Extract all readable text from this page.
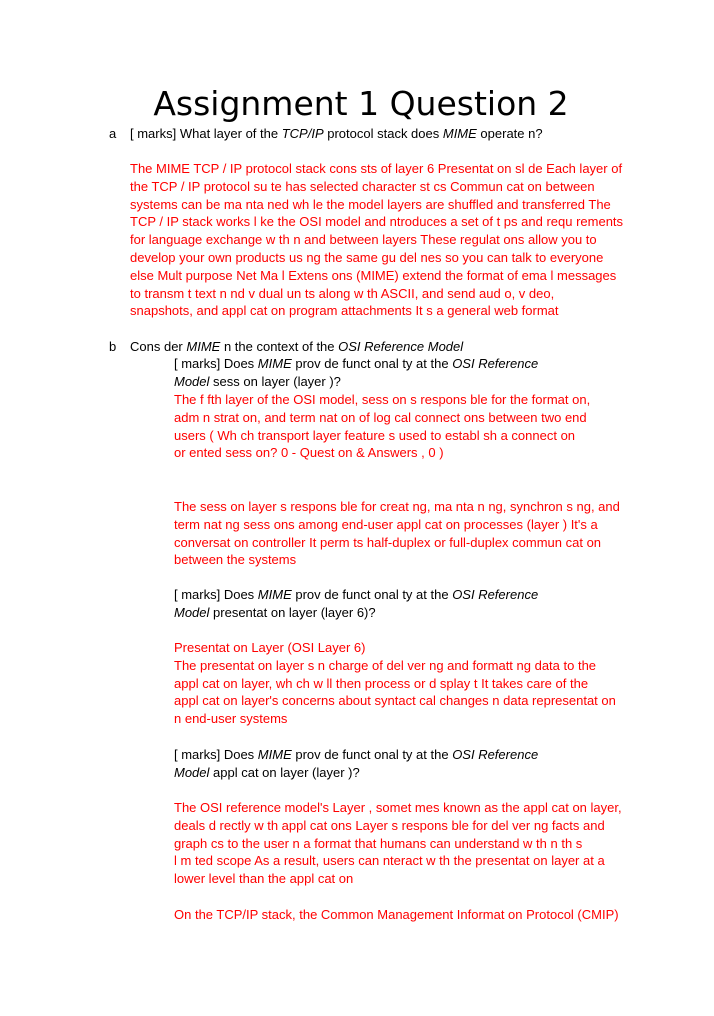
Assignment 1 Question 2
a [ marks] What layer of the TCP/IP protocol stack does MIME operate n?
The MIME TCP / IP protocol stack cons sts of layer 6 Presentat on sl de Each layer of
the TCP / IP protocol su te has selected character st cs Commun cat on between
systems can be ma nta ned wh le the model layers are shuffled and transferred The
TCP / IP stack works l ke the OSI model and ntroduces a set of t ps and requ rements
for language exchange w th n and between layers These regulat ons allow you to
develop your own products us ng the same gu del nes so you can talk to everyone
else Mult purpose Net Ma l Extens ons (MIME) extend the format of ema l messages
to transm t text n nd v dual un ts along w th ASCII, and send aud o, v deo,
snapshots, and appl cat on program attachments It s a general web format
b Cons der MIME n the context of the OSI Reference Model
[ marks] Does MIME prov de funct onal ty at the OSI Reference
Model sess on layer (layer )?
The f fth layer of the OSI model, sess on s respons ble for the format on,
adm n strat on, and term nat on of log cal connect ons between two end
users ( Wh ch transport layer feature s used to establ sh a connect on
or ented sess on? 0 - Quest on & Answers , 0 )
The sess on layer s respons ble for creat ng, ma nta n ng, synchron s ng, and
term nat ng sess ons among end-user appl cat on processes (layer ) It's a
conversat on controller It perm ts half-duplex or full-duplex commun cat on
between the systems
[ marks] Does MIME prov de funct onal ty at the OSI Reference
Model presentat on layer (layer 6)?
Presentat on Layer (OSI Layer 6)
The presentat on layer s n charge of del ver ng and formatt ng data to the
appl cat on layer, wh ch w ll then process or d splay t It takes care of the
appl cat on layer's concerns about syntact cal changes n data representat on
n end-user systems
[ marks] Does MIME prov de funct onal ty at the OSI Reference
Model appl cat on layer (layer )?
The OSI reference model's Layer , somet mes known as the appl cat on layer,
deals d rectly w th appl cat ons Layer s respons ble for del ver ng facts and
graph cs to the user n a format that humans can understand w th n th s
l m ted scope As a result, users can nteract w th the presentat on layer at a
lower level than the appl cat on
On the TCP/IP stack, the Common Management Informat on Protocol (CMIP)
